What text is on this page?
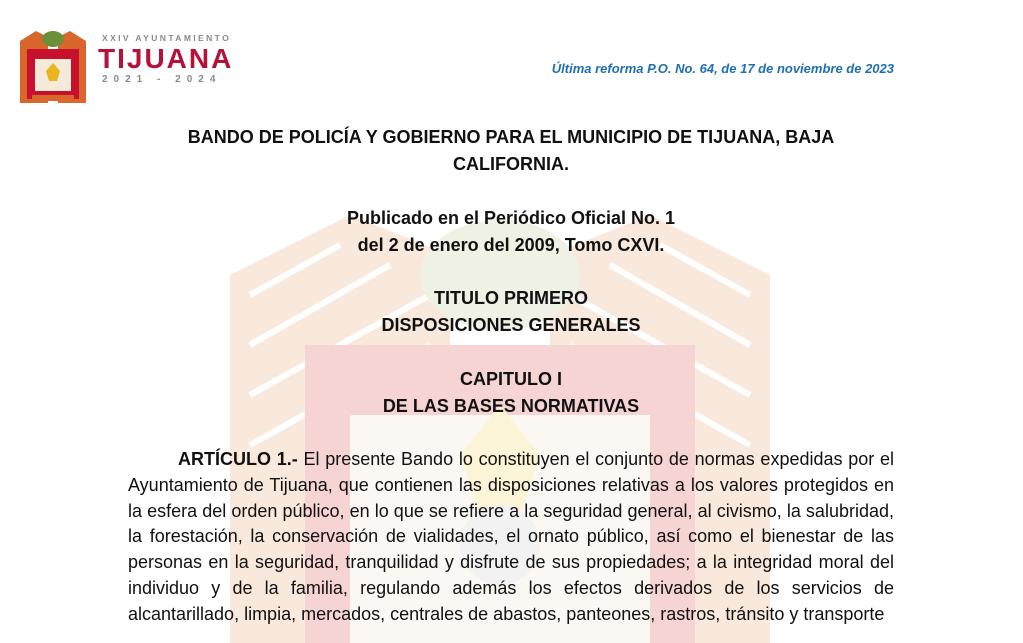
XXIV AYUNTAMIENTO
TIJUANA
2021 - 2024
Última reforma P.O. No. 64, de 17 de noviembre de 2023
BANDO DE POLICÍA Y GOBIERNO PARA EL MUNICIPIO DE TIJUANA, BAJA
CALIFORNIA.
Publicado en el Periódico Oficial No. 1
del 2 de enero del 2009, Tomo CXVI.
TITULO PRIMERO
DISPOSICIONES GENERALES
CAPITULO I
DE LAS BASES NORMATIVAS

ARTÍCULO 1.- El presente Bando lo constituyen el conjunto de normas expedidas por el Ayuntamiento de Tijuana, que contienen las disposiciones relativas a los valores protegidos en la esfera del orden público, en lo que se refiere a la seguridad general, al civismo, la salubridad, la forestación, la conservación de vialidades, el ornato público, así como el bienestar de las personas en la seguridad, tranquilidad y disfrute de sus propiedades; a la integridad moral del individuo y de la familia, regulando además los efectos derivados de los servicios de alcantarillado, limpia, mercados, centrales de abastos, panteones, rastros, tránsito y transporte
